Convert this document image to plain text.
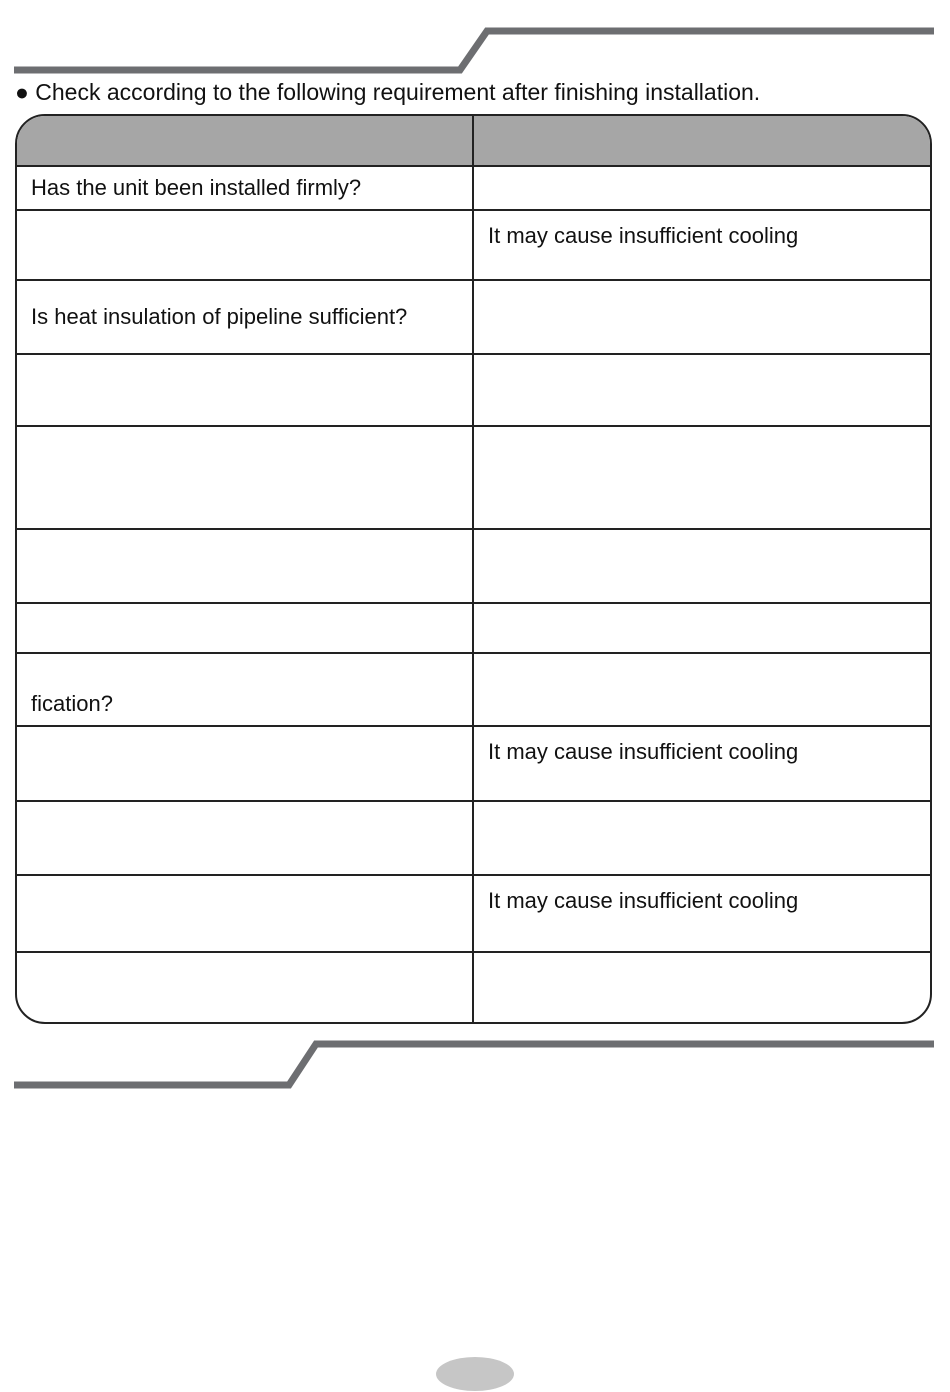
● Check according to the following requirement after finishing installation.

Has the unit been installed firmly?	
	It may cause insufficient cooling
Is heat insulation of pipeline sufficient?	

fication?	
	It may cause insufficient cooling

	It may cause insufficient cooling
